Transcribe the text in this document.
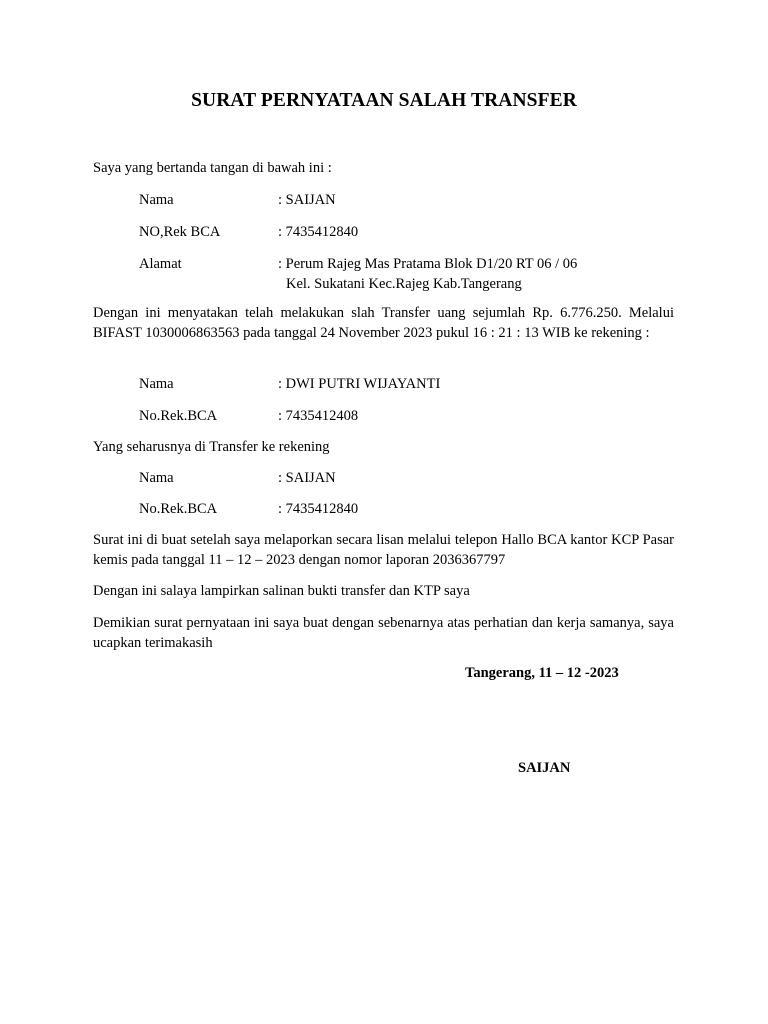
SURAT PERNYATAAN SALAH TRANSFER
Saya yang bertanda tangan di bawah ini :
Nama	: SAIJAN
NO,Rek BCA	: 7435412840
Alamat	: Perum Rajeg Mas Pratama Blok D1/20 RT 06 / 06
Kel. Sukatani Kec.Rajeg Kab.Tangerang
Dengan ini menyatakan telah melakukan slah Transfer uang sejumlah Rp. 6.776.250. Melalui BIFAST 1030006863563 pada tanggal 24 November 2023 pukul 16 : 21 : 13 WIB ke rekening :
Nama	: DWI PUTRI WIJAYANTI
No.Rek.BCA	: 7435412408
Yang seharusnya di Transfer ke rekening
Nama	: SAIJAN
No.Rek.BCA	: 7435412840
Surat ini di buat setelah saya melaporkan secara lisan melalui telepon Hallo BCA kantor KCP Pasar kemis pada tanggal 11 – 12 – 2023 dengan nomor laporan 2036367797
Dengan ini salaya lampirkan salinan bukti transfer dan KTP saya
Demikian surat pernyataan ini saya buat dengan sebenarnya atas perhatian dan kerja samanya, saya ucapkan terimakasih
Tangerang, 11 – 12 -2023
SAIJAN
